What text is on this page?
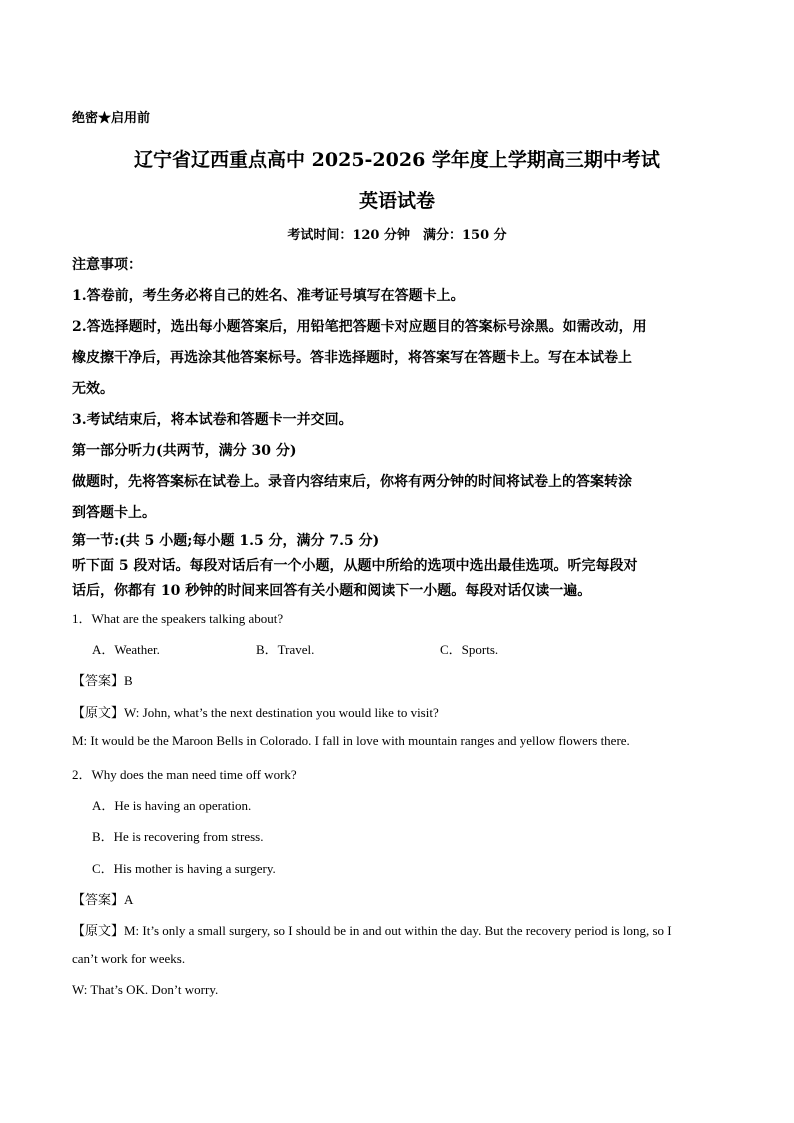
绝密★启用前
辽宁省辽西重点高中 2025-2026 学年度上学期高三期中考试
英语试卷
考试时间：120 分钟　满分：150 分
注意事项：
1.答卷前，考生务必将自己的姓名、准考证号填写在答题卡上。
2.答选择题时，选出每小题答案后，用铅笔把答题卡对应题目的答案标号涂黑。如需改动，用
橡皮擦干净后，再选涂其他答案标号。答非选择题时，将答案写在答题卡上。写在本试卷上
无效。
3.考试结束后，将本试卷和答题卡一并交回。
第一部分听力(共两节，满分 30 分)
做题时，先将答案标在试卷上。录音内容结束后，你将有两分钟的时间将试卷上的答案转涂
到答题卡上。
第一节:(共 5 小题;每小题 1.5 分，满分 7.5 分)
听下面 5 段对话。每段对话后有一个小题，从题中所给的选项中选出最佳选项。听完每段对
话后，你都有 10 秒钟的时间来回答有关小题和阅读下一小题。每段对话仅读一遍。
1．What are the speakers talking about?
A．Weather.	B．Travel.	C．Sports.
【答案】B
【原文】W: John, what’s the next destination you would like to visit?
M: It would be the Maroon Bells in Colorado. I fall in love with mountain ranges and yellow flowers there.
2．Why does the man need time off work?
A．He is having an operation.
B．He is recovering from stress.
C．His mother is having a surgery.
【答案】A
【原文】M: It’s only a small surgery, so I should be in and out within the day. But the recovery period is long, so I
can’t work for weeks.
W: That’s OK. Don’t worry.
